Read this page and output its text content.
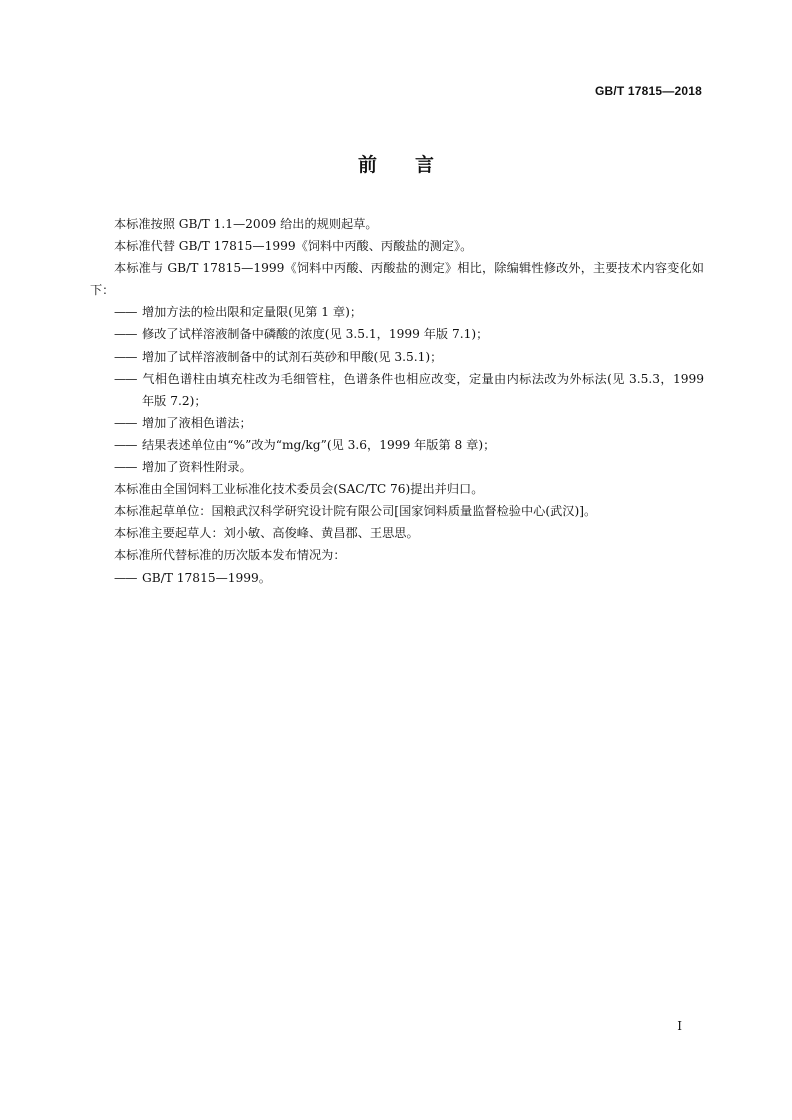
GB/T 17815—2018
前 言

本标准按照 GB/T 1.1—2009 给出的规则起草。

本标准代替 GB/T 17815—1999《饲料中丙酸、丙酸盐的测定》。

本标准与 GB/T 17815—1999《饲料中丙酸、丙酸盐的测定》相比，除编辑性修改外，主要技术内容变化如下：

—— 增加方法的检出限和定量限(见第 1 章)；

—— 修改了试样溶液制备中磷酸的浓度(见 3.5.1，1999 年版 7.1)；

—— 增加了试样溶液制备中的试剂石英砂和甲酸(见 3.5.1)；

—— 气相色谱柱由填充柱改为毛细管柱，色谱条件也相应改变，定量由内标法改为外标法(见 3.5.3，1999 年版 7.2)；

—— 增加了液相色谱法；

—— 结果表述单位由“%”改为“mg/kg”(见 3.6，1999 年版第 8 章)；

—— 增加了资料性附录。

本标准由全国饲料工业标准化技术委员会(SAC/TC 76)提出并归口。

本标准起草单位：国粮武汉科学研究设计院有限公司[国家饲料质量监督检验中心(武汉)]。

本标准主要起草人：刘小敏、高俊峰、黄昌郡、王思思。

本标准所代替标准的历次版本发布情况为：

—— GB/T 17815—1999。

I
